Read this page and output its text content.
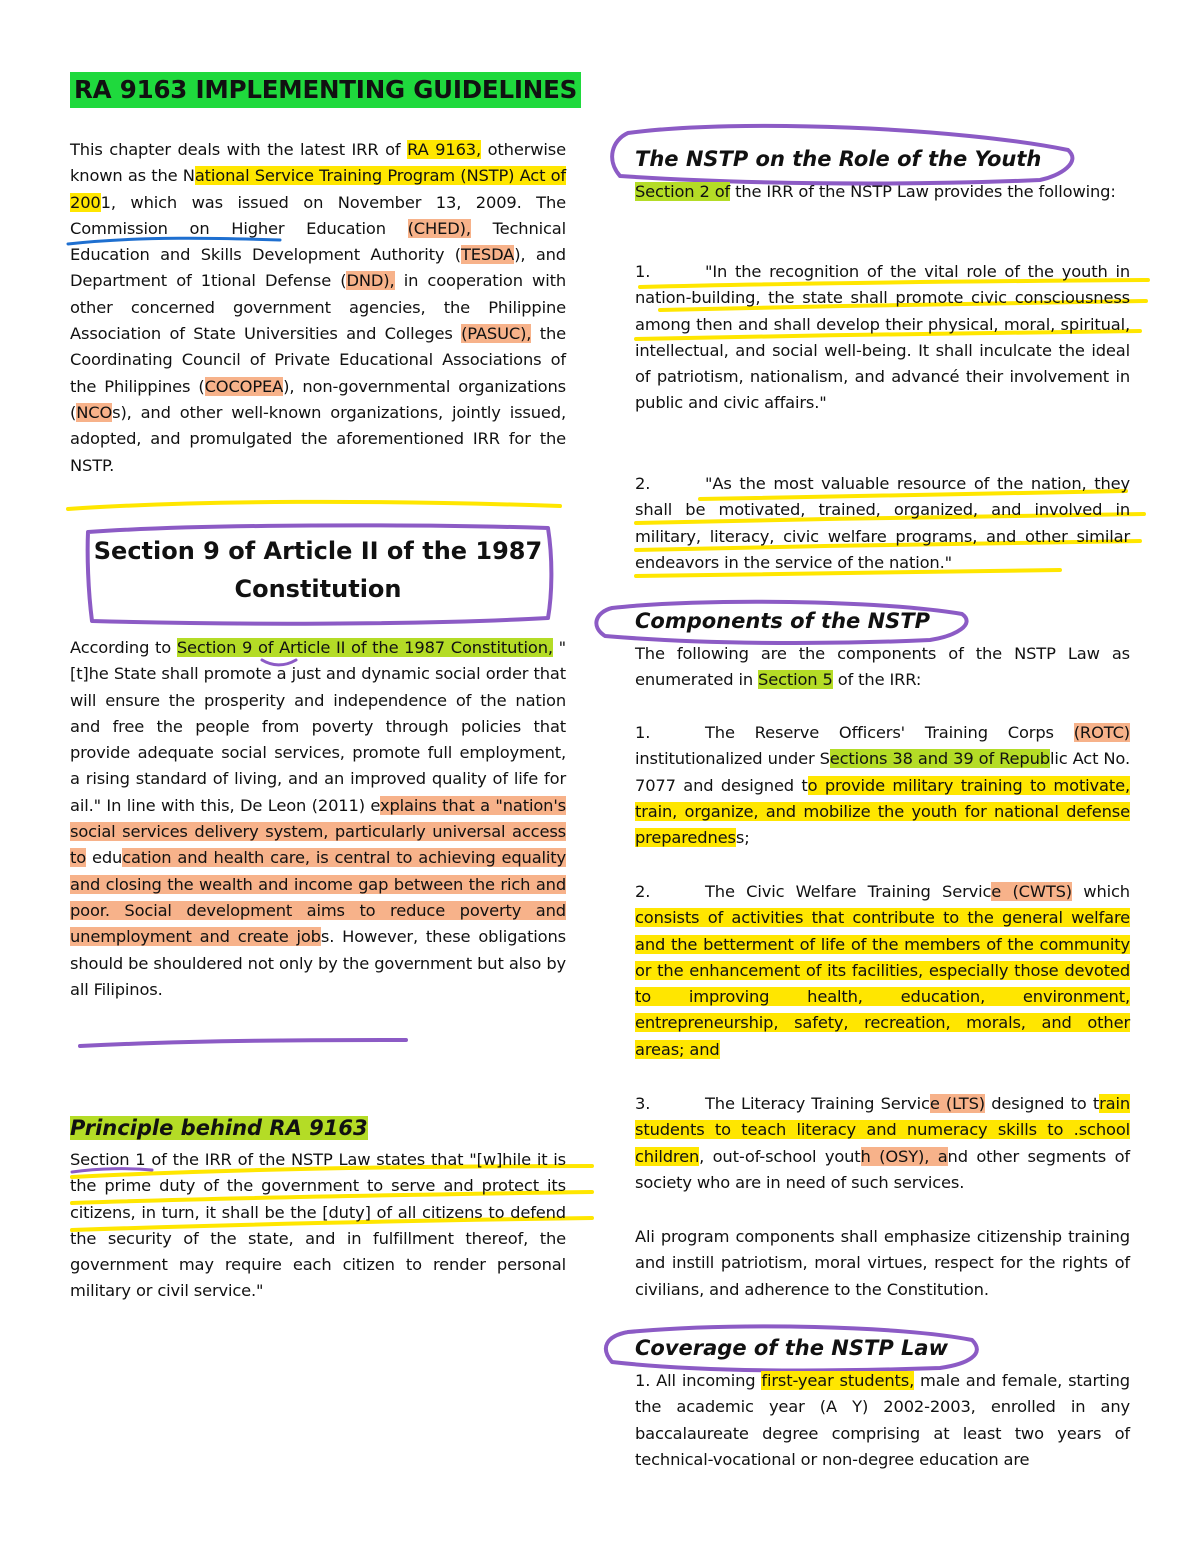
RA 9163 IMPLEMENTING GUIDELINES

This chapter deals with the latest IRR of RA 9163, otherwise known as the National Service Training Program (NSTP) Act of 2001, which was issued on November 13, 2009. The Commission on Higher Education (CHED), Technical Education and Skills Development Authority (TESDA), and Department of 1tional Defense (DND), in cooperation with other concerned government agencies, the Philippine Association of State Universities and Colleges (PASUC), the Coordinating Council of Private Educational Associations of the Philippines (COCOPEA), non-governmental organizations (NCOs), and other well-known organizations, jointly issued, adopted, and promulgated the aforementioned IRR for the NSTP.

Section 9 of Article II of the 1987
Constitution

According to Section 9 of Article II of the 1987 Constitution, "[t]he State shall promote a just and dynamic social order that will ensure the prosperity and independence of the nation and free the people from poverty through policies that provide adequate social services, promote full employment, a rising standard of living, and an improved quality of life for ail." In line with this, De Leon (2011) explains that a "nation's social services delivery system, particularly universal access to education and health care, is central to achieving equality and closing the wealth and income gap between the rich and poor. Social development aims to reduce poverty and unemployment and create jobs. However, these obligations should be shouldered not only by the government but also by all Filipinos.

Principle behind RA 9163

Section 1 of the IRR of the NSTP Law states that "[w]hile it is the prime duty of the government to serve and protect its citizens, in turn, it shall be the [duty] of all citizens to defend the security of the state, and in fulfillment thereof, the government may require each citizen to render personal military or civil service."

The NSTP on the Role of the Youth

Section 2 of the IRR of the NSTP Law provides the following:

1.	"In the recognition of the vital role of the youth in nation-building, the state shall promote civic consciousness among then and shall develop their physical, moral, spiritual, intellectual, and social well-being. It shall inculcate the ideal of patriotism, nationalism, and advancé their involvement in public and civic affairs."

2.	"As the most valuable resource of the nation, they shall be motivated, trained, organized, and involved in military, literacy, civic welfare programs, and other similar endeavors in the service of the nation."

Components of the NSTP

The following are the components of the NSTP Law as enumerated in Section 5 of the IRR:

1.	The Reserve Officers' Training Corps (ROTC) institutionalized under Sections 38 and 39 of Republic Act No. 7077 and designed to provide military training to motivate, train, organize, and mobilize the youth for national defense preparedness;

2.	The Civic Welfare Training Service (CWTS) which consists of activities that contribute to the general welfare and the betterment of life of the members of the community or the enhancement of its facilities, especially those devoted to improving health, education, environment, entrepreneurship, safety, recreation, morals, and other areas; and

3.	The Literacy Training Service (LTS) designed to train students to teach literacy and numeracy skills to .school children, out-of-school youth (OSY), and other segments of society who are in need of such services.

Ali program components shall emphasize citizenship training and instill patriotism, moral virtues, respect for the rights of civilians, and adherence to the Constitution.

Coverage of the NSTP Law

1. All incoming first-year students, male and female, starting the academic year (A Y) 2002-2003, enrolled in any baccalaureate degree comprising at least two years of technical-vocational or non-degree education are
